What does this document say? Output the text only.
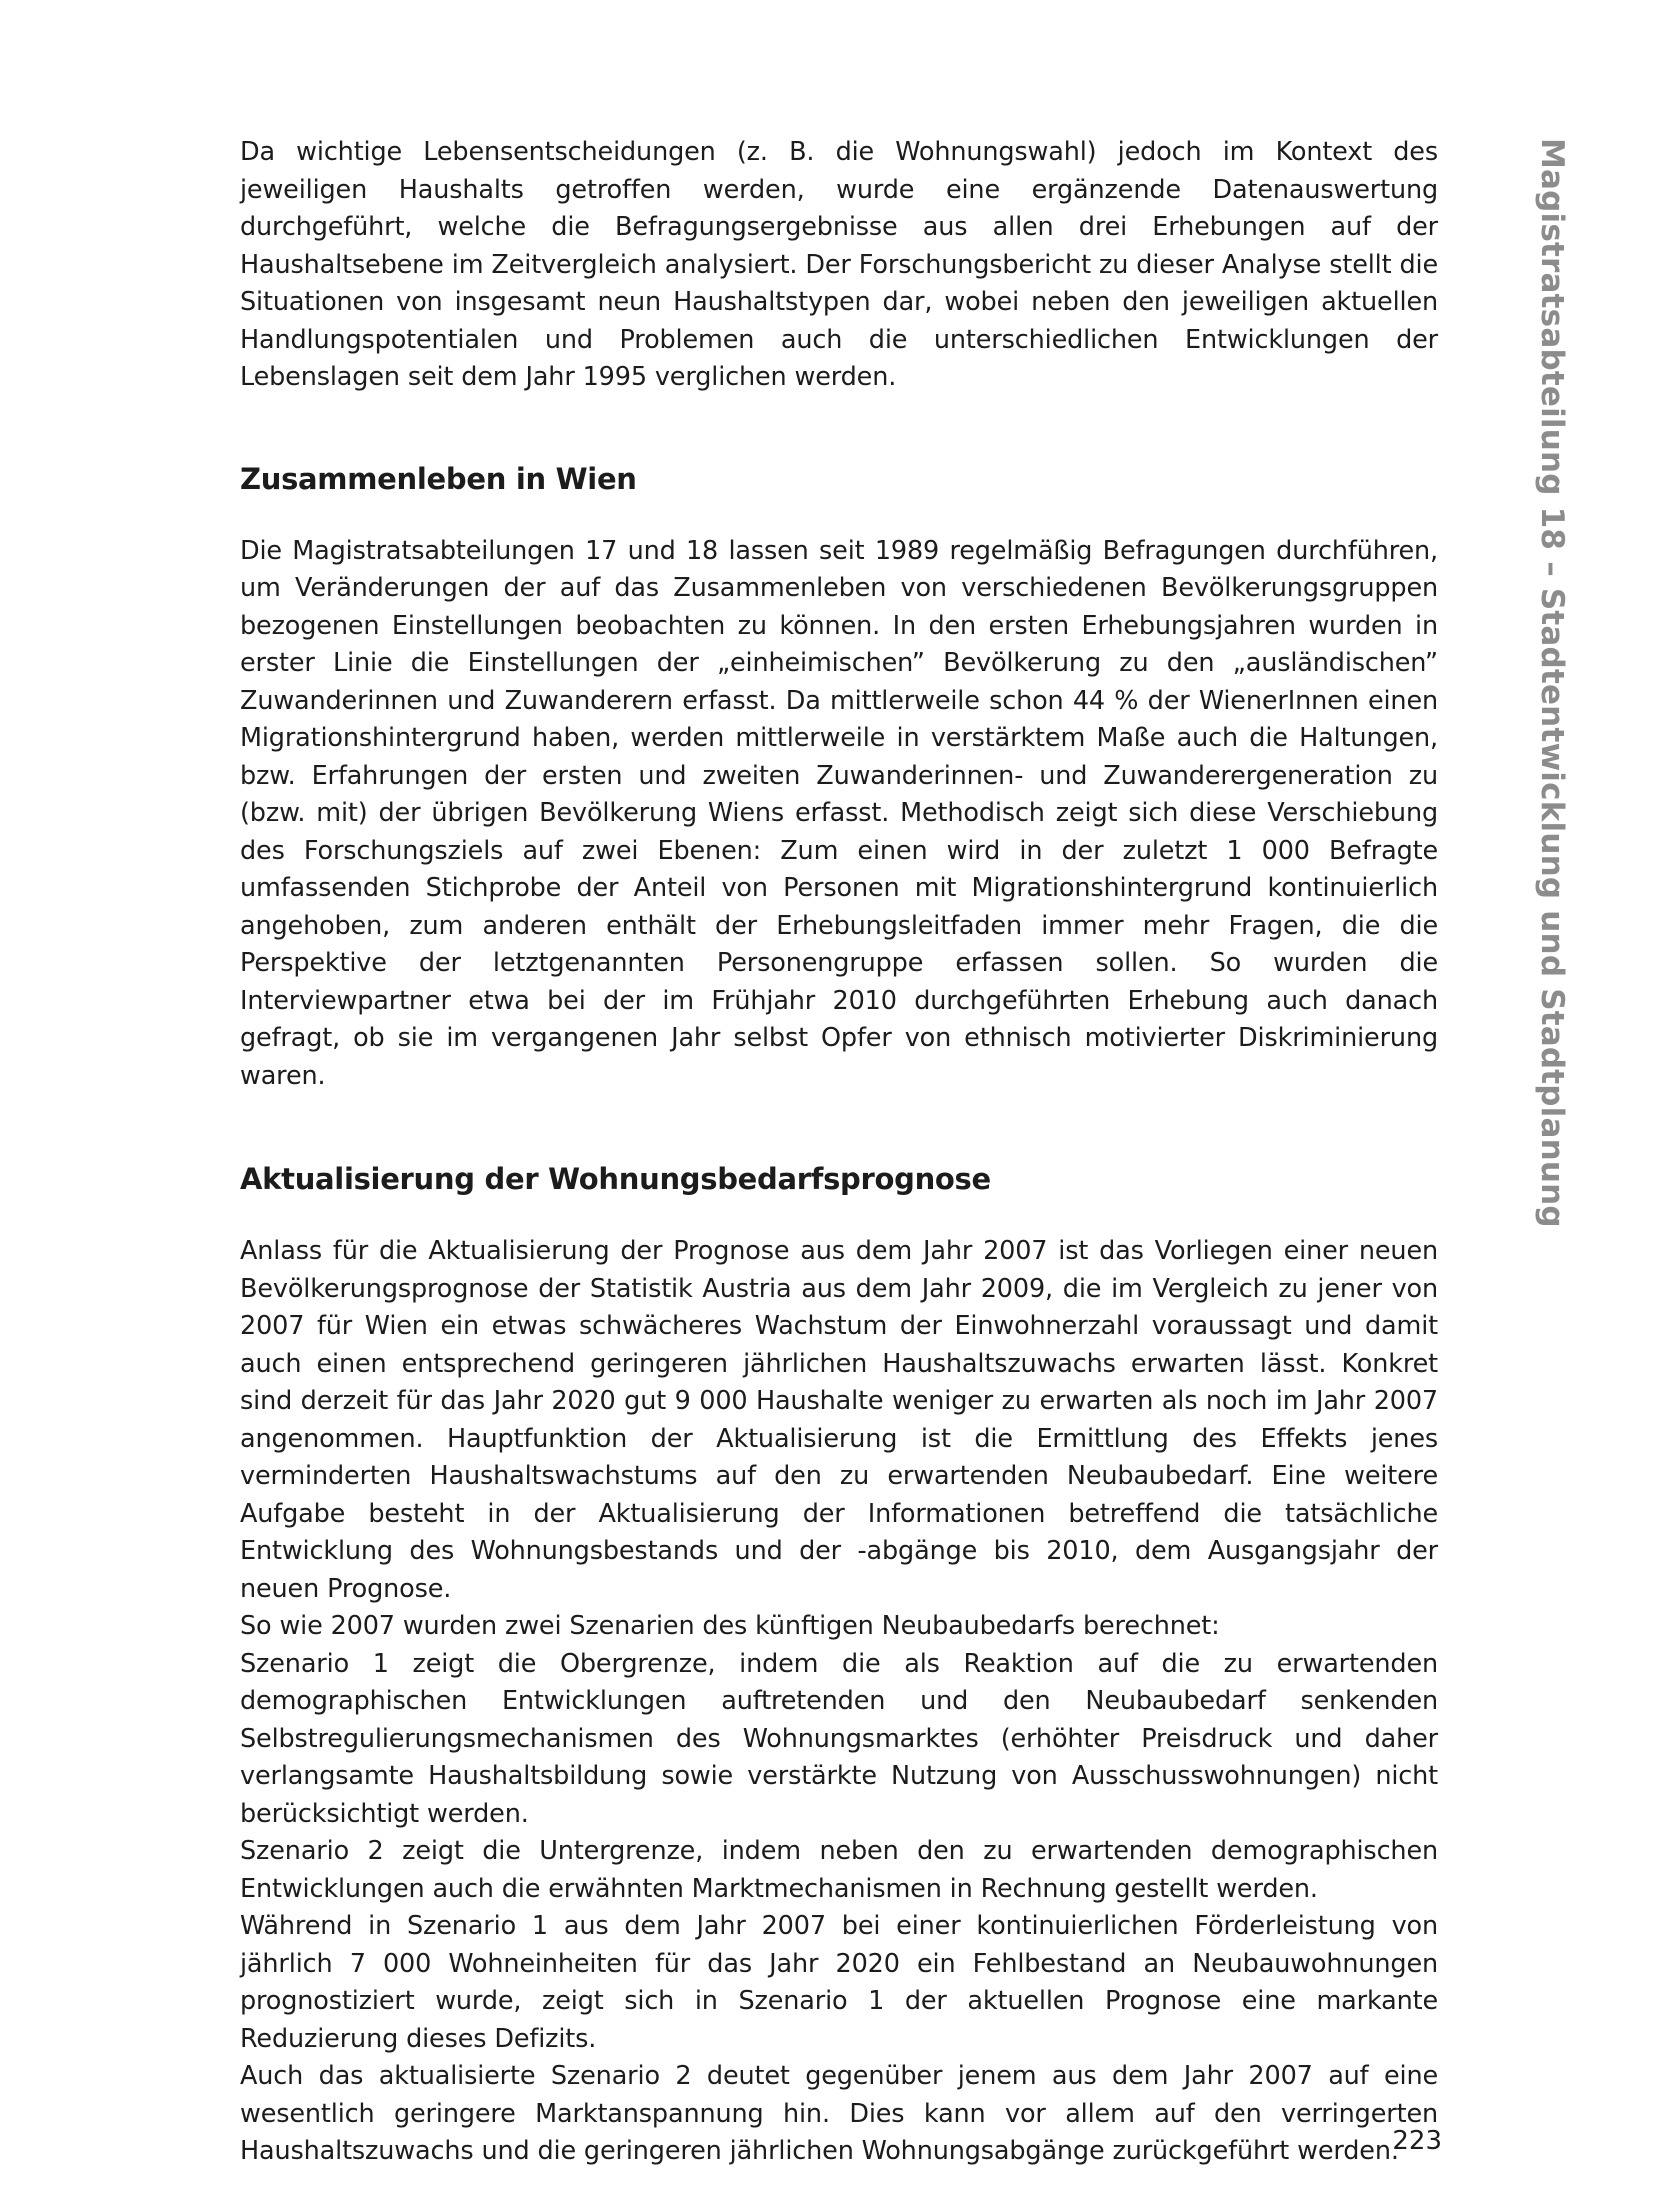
Da wichtige Lebensentscheidungen (z. B. die Wohnungswahl) jedoch im Kontext des jeweiligen Haushalts getroffen werden, wurde eine ergänzende Datenauswertung durchgeführt, welche die Befragungsergebnisse aus allen drei Erhebungen auf der Haushaltsebene im Zeitvergleich analysiert. Der Forschungsbericht zu dieser Analyse stellt die Situationen von insgesamt neun Haushaltstypen dar, wobei neben den jeweiligen aktuellen Handlungspotentialen und Problemen auch die unterschiedlichen Entwicklungen der Lebenslagen seit dem Jahr 1995 verglichen werden.

Zusammenleben in Wien

Die Magistratsabteilungen 17 und 18 lassen seit 1989 regelmäßig Befragungen durchführen, um Veränderungen der auf das Zusammenleben von verschiedenen Bevölkerungsgruppen bezogenen Einstellungen beobachten zu können. In den ersten Erhebungsjahren wurden in erster Linie die Einstellungen der „einheimischen” Bevölkerung zu den „ausländischen” Zuwanderinnen und Zuwanderern erfasst. Da mittlerweile schon 44 % der WienerInnen einen Migrationshintergrund haben, werden mittlerweile in verstärktem Maße auch die Haltungen, bzw. Erfahrungen der ersten und zweiten Zuwanderinnen- und Zuwanderergeneration zu (bzw. mit) der übrigen Bevölkerung Wiens erfasst. Methodisch zeigt sich diese Verschiebung des Forschungsziels auf zwei Ebenen: Zum einen wird in der zuletzt 1 000 Befragte umfassenden Stichprobe der Anteil von Personen mit Migrationshintergrund kontinuierlich angehoben, zum anderen enthält der Erhebungsleitfaden immer mehr Fragen, die die Perspektive der letztgenannten Personengruppe erfassen sollen. So wurden die Interviewpartner etwa bei der im Frühjahr 2010 durchgeführten Erhebung auch danach gefragt, ob sie im vergangenen Jahr selbst Opfer von ethnisch motivierter Diskriminierung waren.

Aktualisierung der Wohnungsbedarfsprognose

Anlass für die Aktualisierung der Prognose aus dem Jahr 2007 ist das Vorliegen einer neuen Bevölkerungsprognose der Statistik Austria aus dem Jahr 2009, die im Vergleich zu jener von 2007 für Wien ein etwas schwächeres Wachstum der Einwohnerzahl voraussagt und damit auch einen entsprechend geringeren jährlichen Haushaltszuwachs erwarten lässt. Konkret sind derzeit für das Jahr 2020 gut 9 000 Haushalte weniger zu erwarten als noch im Jahr 2007 angenommen. Hauptfunktion der Aktualisierung ist die Ermittlung des Effekts jenes verminderten Haushaltswachstums auf den zu erwartenden Neubaubedarf. Eine weitere Aufgabe besteht in der Aktualisierung der Informationen betreffend die tatsächliche Entwicklung des Wohnungsbestands und der -abgänge bis 2010, dem Ausgangsjahr der neuen Prognose.

So wie 2007 wurden zwei Szenarien des künftigen Neubaubedarfs berechnet:

Szenario 1 zeigt die Obergrenze, indem die als Reaktion auf die zu erwartenden demographischen Entwicklungen auftretenden und den Neubaubedarf senkenden Selbstregulierungsmechanismen des Wohnungsmarktes (erhöhter Preisdruck und daher verlangsamte Haushaltsbildung sowie verstärkte Nutzung von Ausschusswohnungen) nicht berücksichtigt werden.

Szenario 2 zeigt die Untergrenze, indem neben den zu erwartenden demographischen Entwicklungen auch die erwähnten Marktmechanismen in Rechnung gestellt werden.

Während in Szenario 1 aus dem Jahr 2007 bei einer kontinuierlichen Förderleistung von jährlich 7 000 Wohneinheiten für das Jahr 2020 ein Fehlbestand an Neubauwohnungen prognostiziert wurde, zeigt sich in Szenario 1 der aktuellen Prognose eine markante Reduzierung dieses Defizits.

Auch das aktualisierte Szenario 2 deutet gegenüber jenem aus dem Jahr 2007 auf eine wesentlich geringere Marktanspannung hin. Dies kann vor allem auf den verringerten Haushaltszuwachs und die geringeren jährlichen Wohnungsabgänge zurückgeführt werden.

Magistratsabteilung 18 – Stadtentwicklung und Stadtplanung
223
